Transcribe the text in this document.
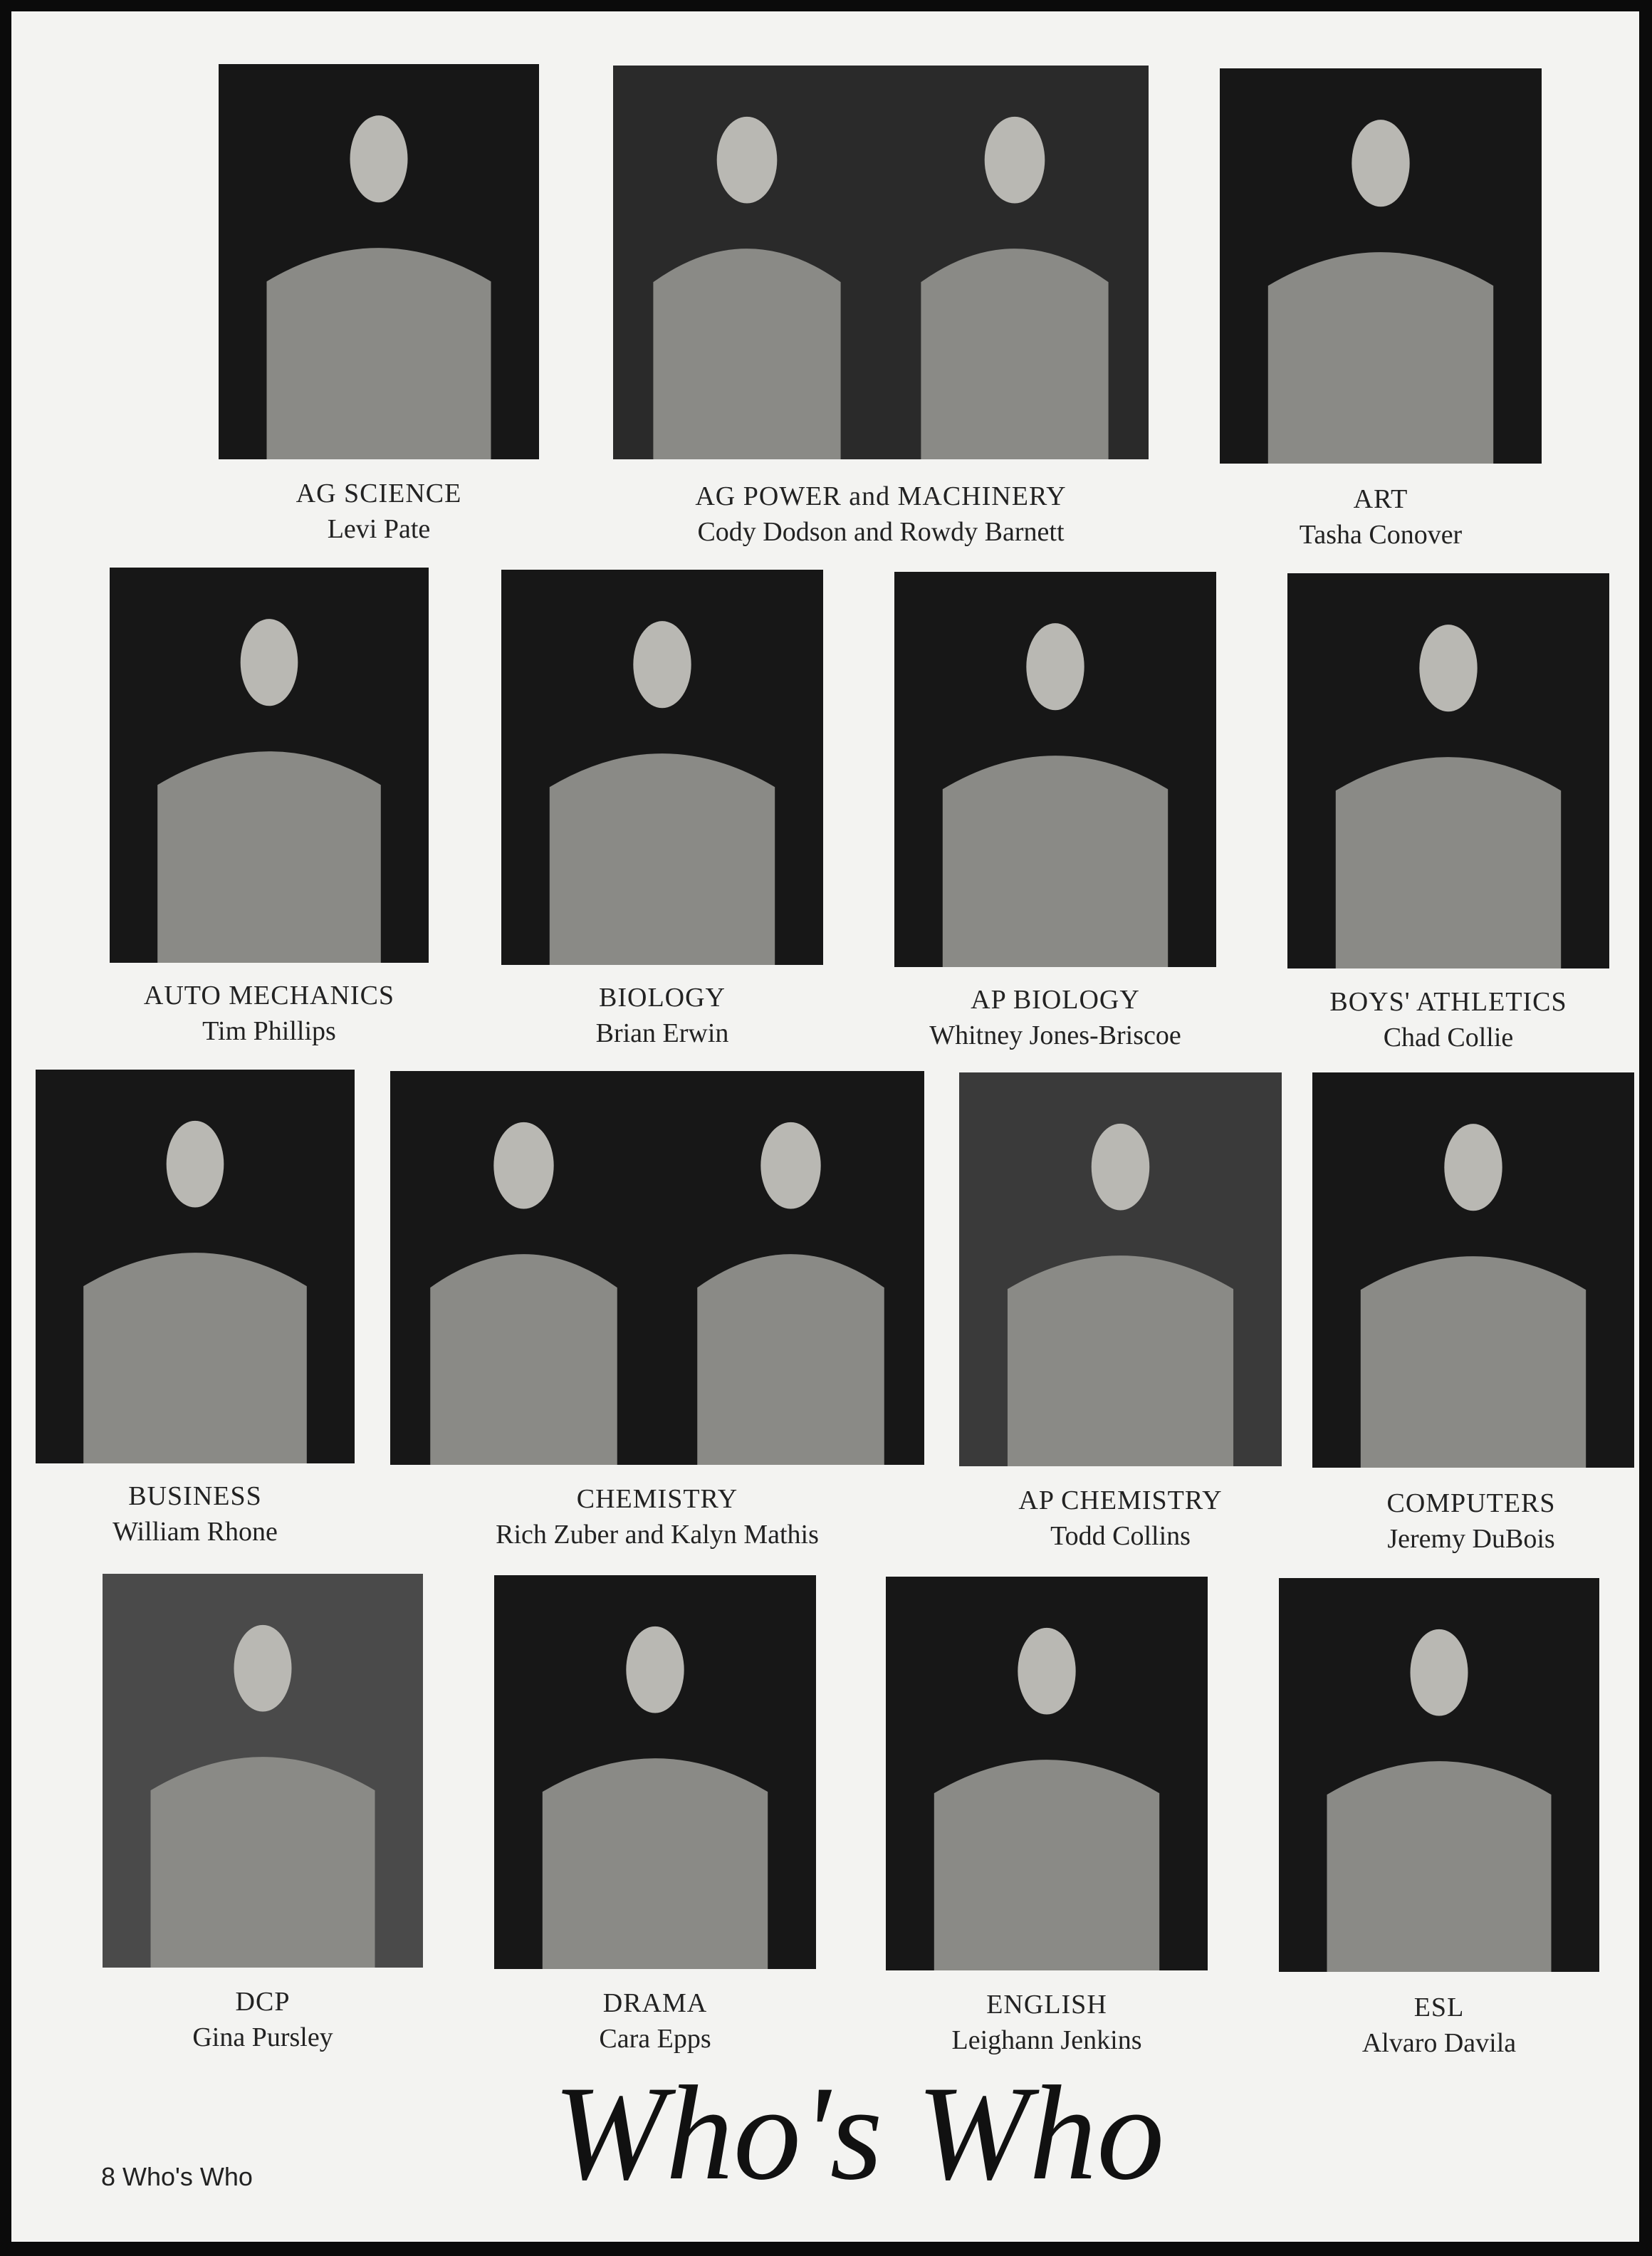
AG SCIENCE
Levi Pate
AG POWER and MACHINERY
Cody Dodson and Rowdy Barnett
ART
Tasha Conover
AUTO MECHANICS
Tim Phillips
BIOLOGY
Brian Erwin
AP BIOLOGY
Whitney Jones-Briscoe
BOYS' ATHLETICS
Chad Collie
BUSINESS
William Rhone
CHEMISTRY
Rich Zuber and Kalyn Mathis
AP CHEMISTRY
Todd Collins
COMPUTERS
Jeremy DuBois
DCP
Gina Pursley
DRAMA
Cara Epps
ENGLISH
Leighann Jenkins
ESL
Alvaro Davila
Who's Who
8 Who's Who
